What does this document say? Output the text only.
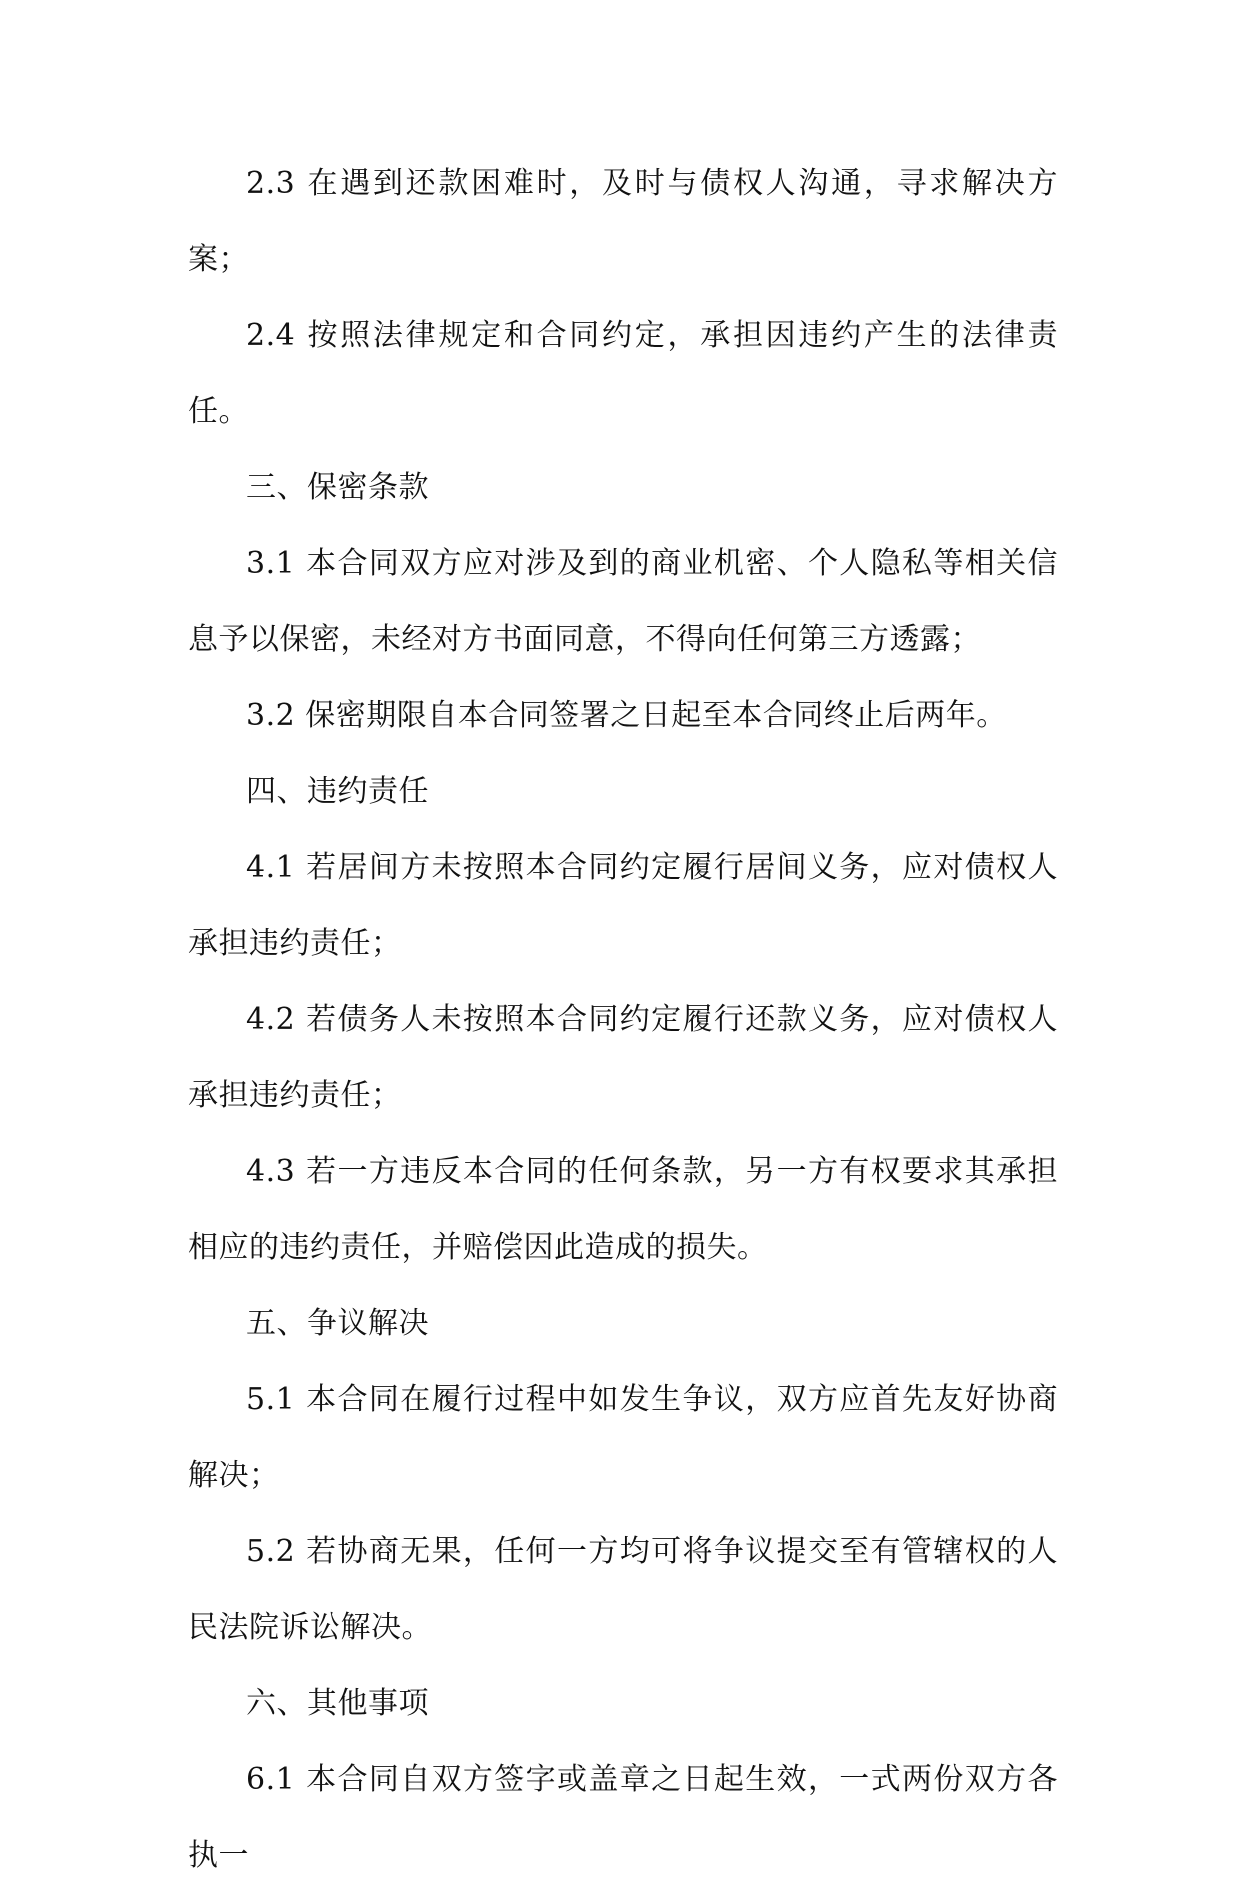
2.3 在遇到还款困难时，及时与债权人沟通，寻求解决方案；

2.4 按照法律规定和合同约定，承担因违约产生的法律责任。

三、保密条款

3.1 本合同双方应对涉及到的商业机密、个人隐私等相关信息予以保密，未经对方书面同意，不得向任何第三方透露；

3.2 保密期限自本合同签署之日起至本合同终止后两年。

四、违约责任

4.1 若居间方未按照本合同约定履行居间义务，应对债权人承担违约责任；

4.2 若债务人未按照本合同约定履行还款义务，应对债权人承担违约责任；

4.3 若一方违反本合同的任何条款，另一方有权要求其承担相应的违约责任，并赔偿因此造成的损失。

五、争议解决

5.1 本合同在履行过程中如发生争议，双方应首先友好协商解决；

5.2 若协商无果，任何一方均可将争议提交至有管辖权的人民法院诉讼解决。

六、其他事项

6.1 本合同自双方签字或盖章之日起生效，一式两份双方各执一
